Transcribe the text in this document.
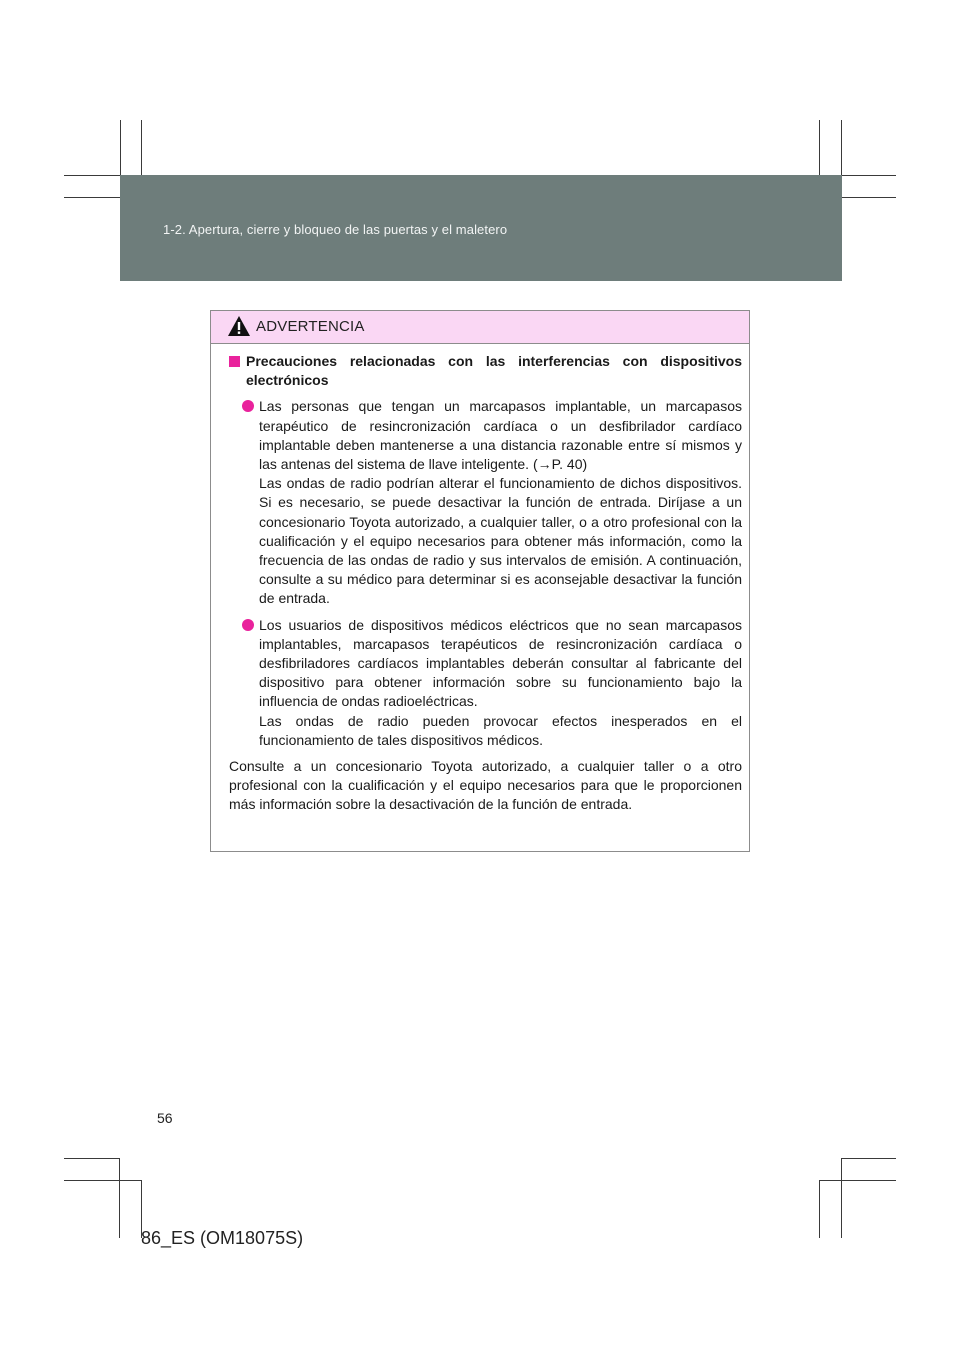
1-2. Apertura, cierre y bloqueo de las puertas y el maletero
ADVERTENCIA
Precauciones relacionadas con las interferencias con dispositivos electrónicos

Las personas que tengan un marcapasos implantable, un marcapasos terapéutico de resincronización cardíaca o un desfibrilador cardíaco implantable deben mantenerse a una distancia razonable entre sí mismos y las antenas del sistema de llave inteligente. (→P. 40)

Las ondas de radio podrían alterar el funcionamiento de dichos dispositivos. Si es necesario, se puede desactivar la función de entrada. Diríjase a un concesionario Toyota autorizado, a cualquier taller, o a otro profesional con la cualificación y el equipo necesarios para obtener más información, como la frecuencia de las ondas de radio y sus intervalos de emisión. A continuación, consulte a su médico para determinar si es aconsejable desactivar la función de entrada.

Los usuarios de dispositivos médicos eléctricos que no sean marcapasos implantables, marcapasos terapéuticos de resincronización cardíaca o desfibriladores cardíacos implantables deberán consultar al fabricante del dispositivo para obtener información sobre su funcionamiento bajo la influencia de ondas radioeléctricas.

Las ondas de radio pueden provocar efectos inesperados en el funcionamiento de tales dispositivos médicos.

Consulte a un concesionario Toyota autorizado, a cualquier taller o a otro profesional con la cualificación y el equipo necesarios para que le proporcionen más información sobre la desactivación de la función de entrada.

56
86_ES (OM18075S)
